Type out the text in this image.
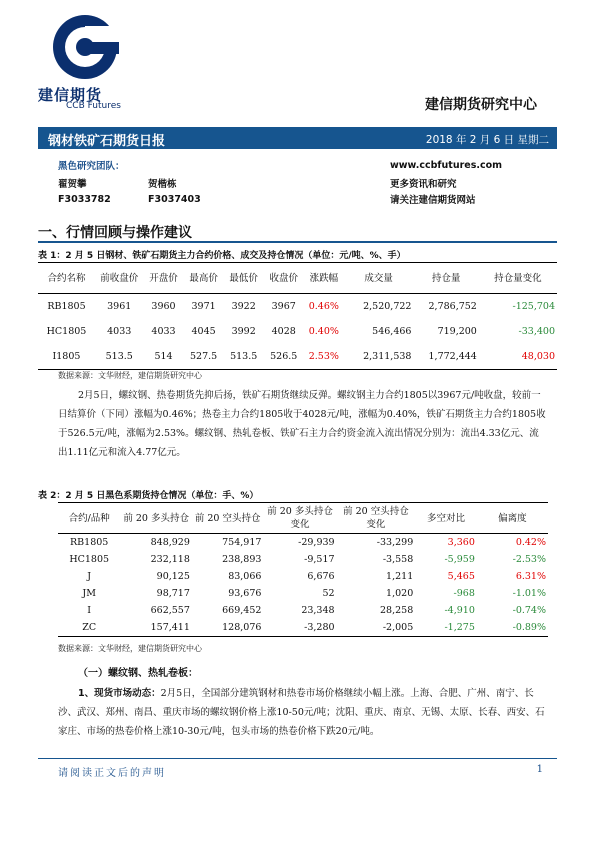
建信期货
CCB Futures	建信期货研究中心
钢材铁矿石期货日报	2018 年 2 月 6 日 星期二
黑色研究团队：
翟贺攀	贺楷栋
F3033782	F3037403
www.ccbfutures.com
更多资讯和研究
请关注建信期货网站
一、行情回顾与操作建议
表 1：2 月 5 日钢材、铁矿石期货主力合约价格、成交及持仓情况（单位：元/吨、%、手）
合约名称	前收盘价	开盘价	最高价	最低价	收盘价	涨跌幅	成交量	持仓量	持仓量变化
RB1805	3961	3960	3971	3922	3967	0.46%	2,520,722	2,786,752	-125,704
HC1805	4033	4033	4045	3992	4028	0.40%	546,466	719,200	-33,400
I1805	513.5	514	527.5	513.5	526.5	2.53%	2,311,538	1,772,444	48,030
数据来源：文华财经，建信期货研究中心
2月5日，螺纹钢、热卷期货先抑后扬，铁矿石期货继续反弹。螺纹钢主力合约1805以3967元/吨收盘，较前一日结算价（下同）涨幅为0.46%；热卷主力合约1805收于4028元/吨，涨幅为0.40%，铁矿石期货主力合约1805收于526.5元/吨，涨幅为2.53%。螺纹钢、热轧卷板、铁矿石主力合约资金流入流出情况分别为：流出4.33亿元、流出1.11亿元和流入4.77亿元。
表 2：2 月 5 日黑色系期货持仓情况（单位：手、%）
合约/品种	前 20 多头持仓	前 20 空头持仓	前 20 多头持仓变化	前 20 空头持仓变化	多空对比	偏离度
RB1805	848,929	754,917	-29,939	-33,299	3,360	0.42%
HC1805	232,118	238,893	-9,517	-3,558	-5,959	-2.53%
J	90,125	83,066	6,676	1,211	5,465	6.31%
JM	98,717	93,676	52	1,020	-968	-1.01%
I	662,557	669,452	23,348	28,258	-4,910	-0.74%
ZC	157,411	128,076	-3,280	-2,005	-1,275	-0.89%
数据来源：文华财经，建信期货研究中心
（一）螺纹钢、热轧卷板：
1、现货市场动态：2月5日，全国部分建筑钢材和热卷市场价格继续小幅上涨。上海、合肥、广州、南宁、长沙、武汉、郑州、南昌、重庆市场的螺纹钢价格上涨10-50元/吨；沈阳、重庆、南京、无锡、太原、长春、西安、石家庄、市场的热卷价格上涨10-30元/吨，包头市场的热卷价格下跌20元/吨。
请阅读正文后的声明	1
